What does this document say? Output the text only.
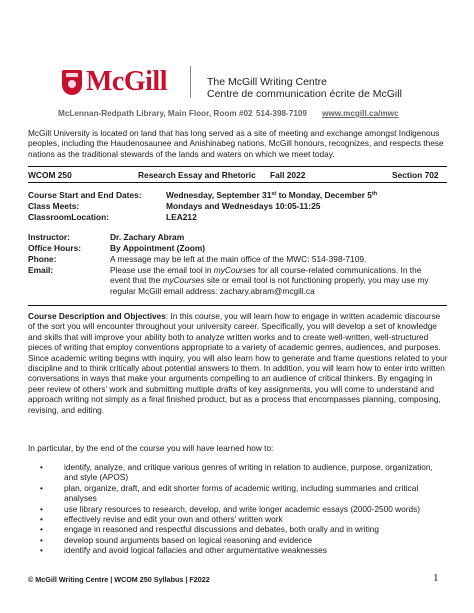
McGill	The McGill Writing Centre
Centre de communication écrite de McGill
McLennan-Redpath Library, Main Floor, Room #02 514-398-7109 www.mcgill.ca/mwc
McGill University is located on land that has long served as a site of meeting and exchange amongst Indigenous peoples, including the Haudenosaunee and Anishinabeg nations. McGill honours, recognizes, and respects these nations as the traditional stewards of the lands and waters on which we meet today.
WCOM 250	Research Essay and Rhetoric Fall 2022	Section 702
Course Start and End Dates:	Wednesday, September 31st to Monday, December 5th
Class Meets:	Mondays and Wednesdays 10:05-11:25
ClassroomLocation:	LEA212
Instructor:	Dr. Zachary Abram
Office Hours:	By Appointment (Zoom)
Phone:	A message may be left at the main office of the MWC: 514-398-7109.
Email:	Please use the email tool in myCourses for all course-related communications. In the
event that the myCourses site or email tool is not functioning properly, you may use my
regular McGill email address: zachary.abram@mcgill.ca
Course Description and Objectives: In this course, you will learn how to engage in written academic discourse of the sort you will encounter throughout your university career. Specifically, you will develop a set of knowledge and skills that will improve your ability both to analyze written works and to create well-written, well-structured pieces of writing that employ conventions appropriate to a variety of academic genres, audiences, and purposes. Since academic writing begins with inquiry, you will also learn how to generate and frame questions related to your discipline and to think critically about potential answers to them. In addition, you will learn how to enter into written conversations in ways that make your arguments compelling to an audience of critical thinkers. By engaging in peer review of others' work and submitting multiple drafts of key assignments, you will come to understand and approach writing not simply as a final finished product, but as a process that encompasses planning, composing, revising, and editing.
In particular, by the end of the course you will have learned how to:
•	identify, analyze, and critique various genres of writing in relation to audience, purpose, organization, and style (APOS)
•	plan, organize, draft, and edit shorter forms of academic writing, including summaries and critical analyses
•	use library resources to research, develop, and write longer academic essays (2000-2500 words)
•	effectively revise and edit your own and others' written work
•	engage in reasoned and respectful discussions and debates, both orally and in writing
•	develop sound arguments based on logical reasoning and evidence
•	identify and avoid logical fallacies and other argumentative weaknesses
© McGill Writing Centre | WCOM 250 Syllabus | F2022	1
